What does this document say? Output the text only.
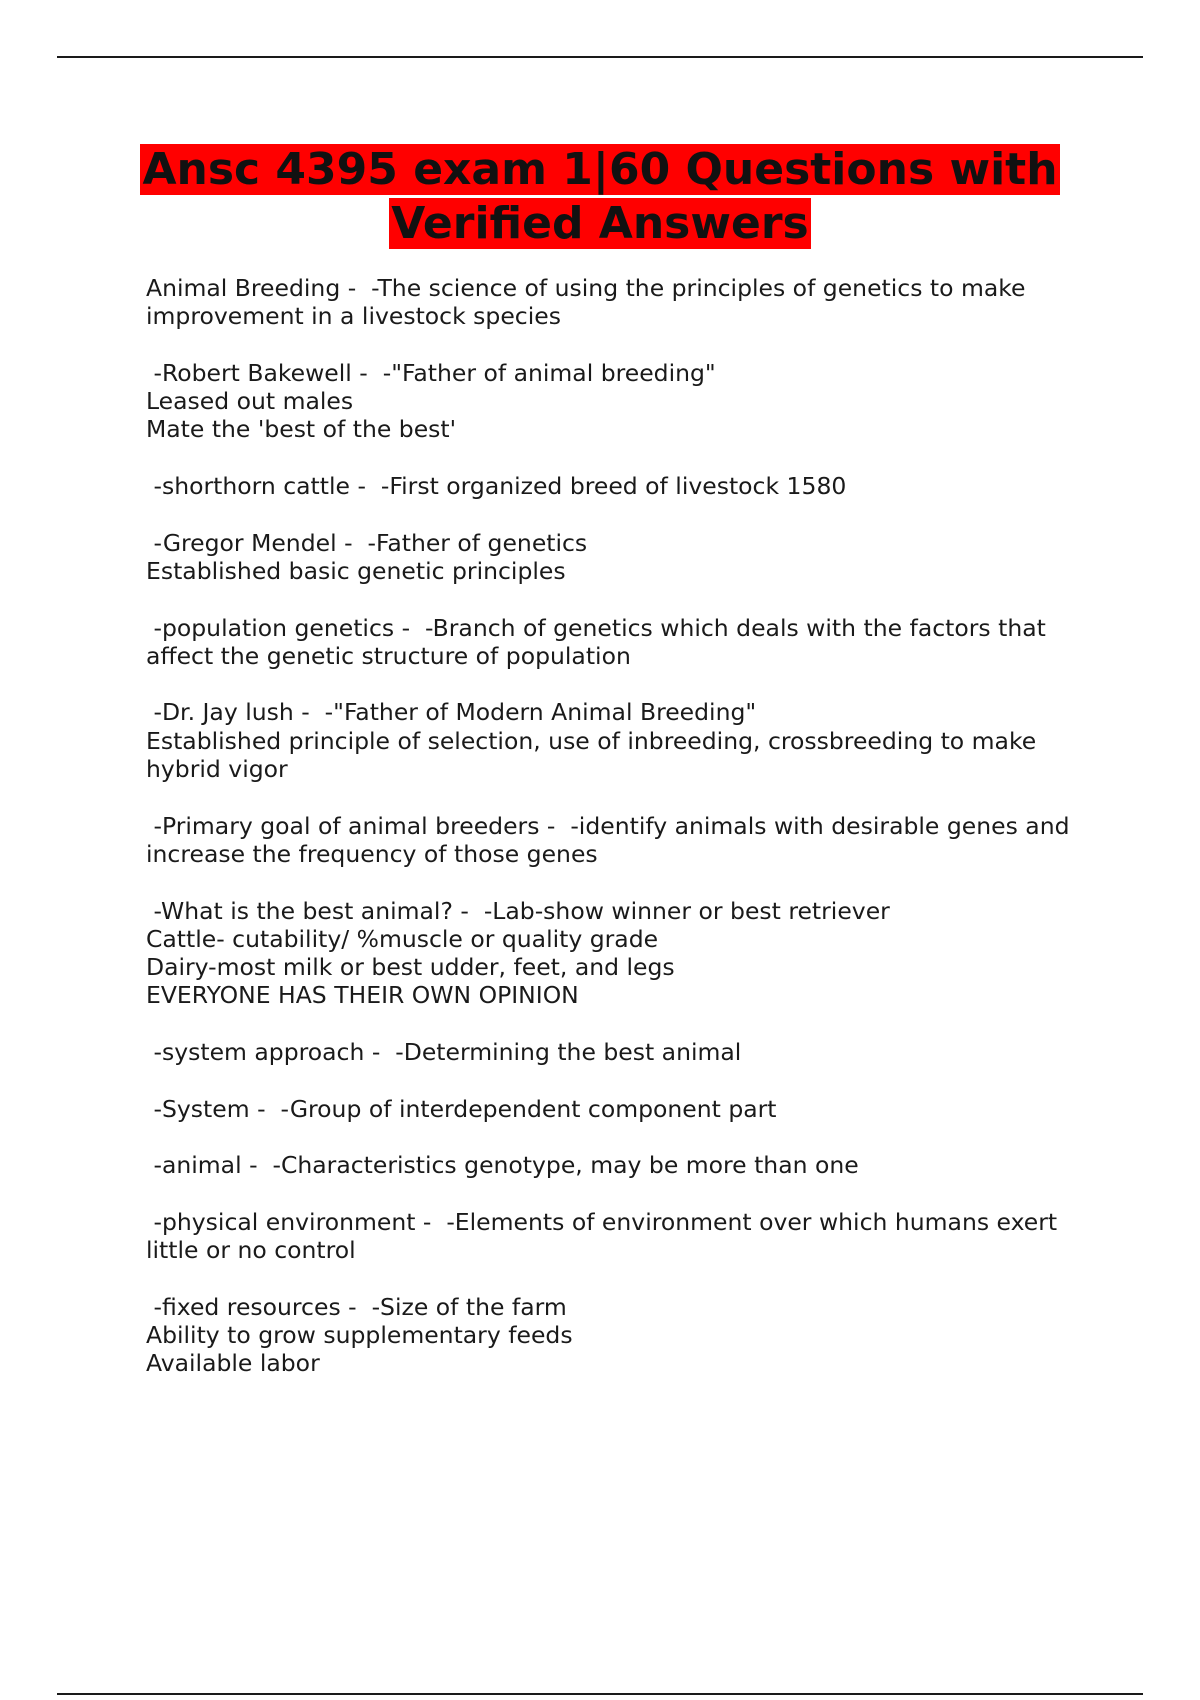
Ansc 4395 exam 1|60 Questions with Verified Answers
Animal Breeding -  -The science of using the principles of genetics to make improvement in a livestock species
-Robert Bakewell -  -"Father of animal breeding"
Leased out males
Mate the 'best of the best'
-shorthorn cattle -  -First organized breed of livestock 1580
-Gregor Mendel -  -Father of genetics
Established basic genetic principles
-population genetics -  -Branch of genetics which deals with the factors that affect the genetic structure of population
-Dr. Jay lush -  -"Father of Modern Animal Breeding"
Established principle of selection, use of inbreeding, crossbreeding to make hybrid vigor
-Primary goal of animal breeders -  -identify animals with desirable genes and increase the frequency of those genes
-What is the best animal? -  -Lab-show winner or best retriever
Cattle- cutability/ %muscle or quality grade
Dairy-most milk or best udder, feet, and legs
EVERYONE HAS THEIR OWN OPINION
-system approach -  -Determining the best animal
-System -  -Group of interdependent component part
-animal -  -Characteristics genotype, may be more than one
-physical environment -  -Elements of environment over which humans exert little or no control
-fixed resources -  -Size of the farm
Ability to grow supplementary feeds
Available labor
